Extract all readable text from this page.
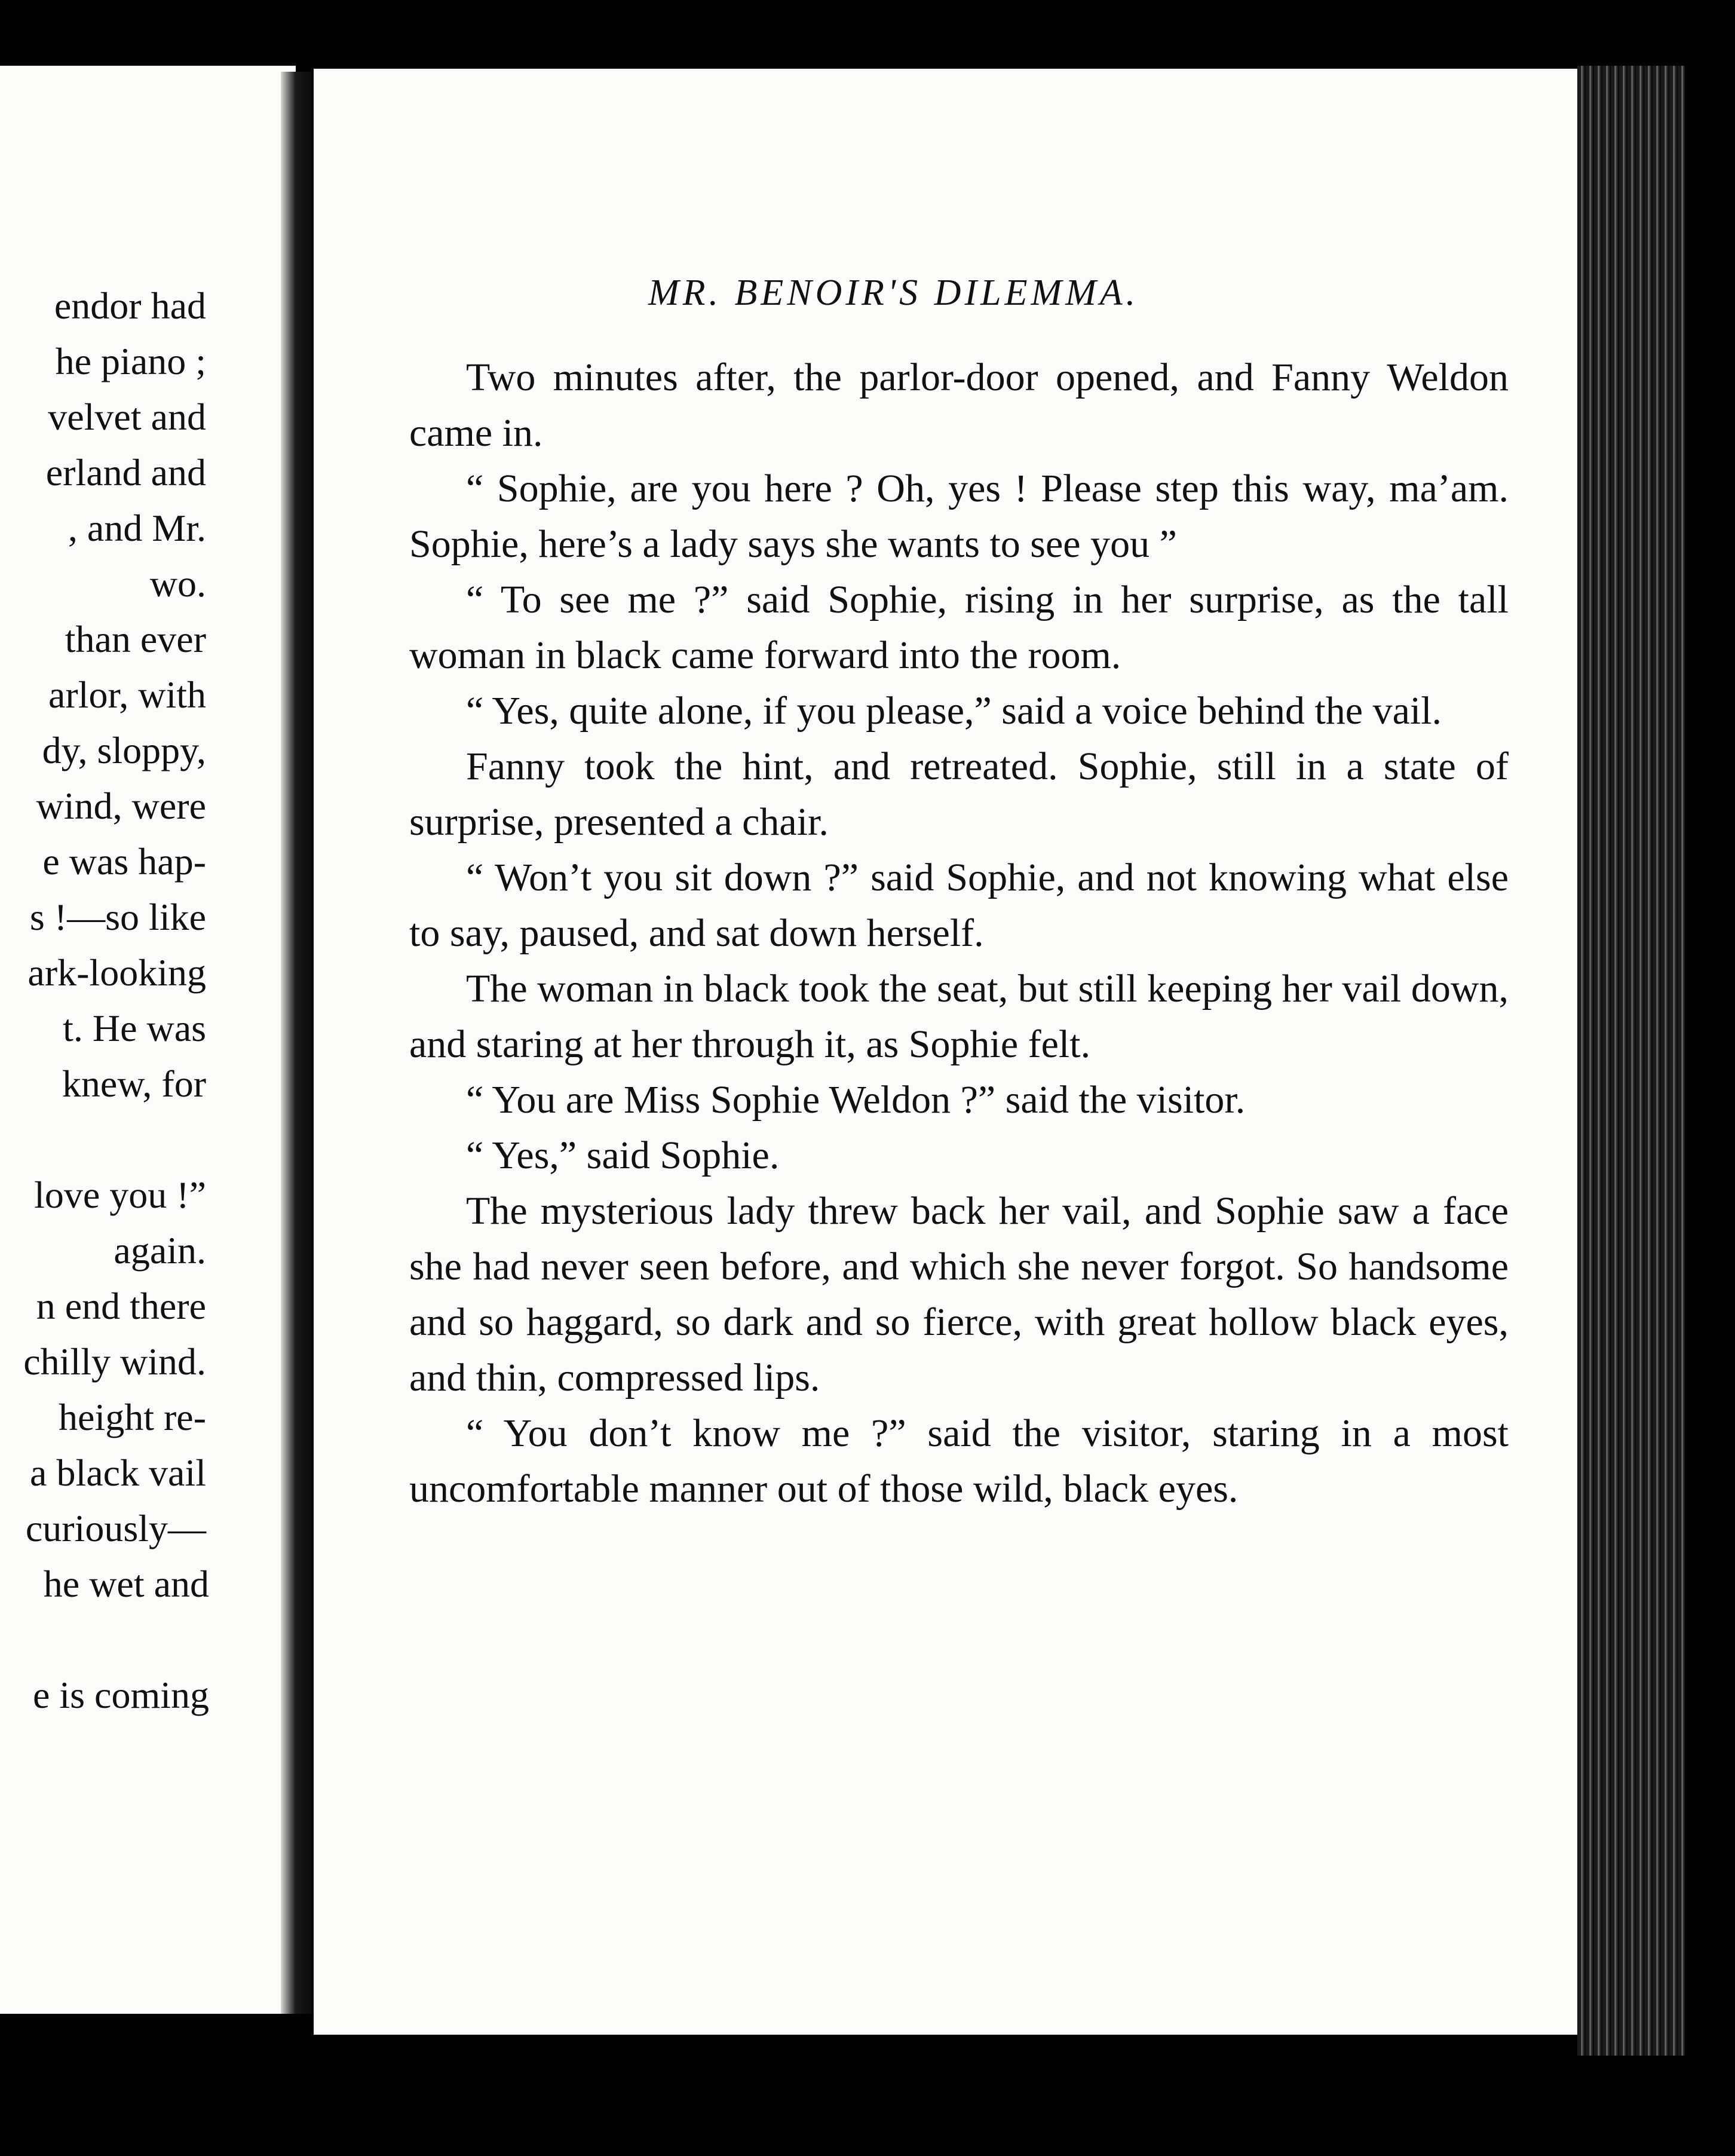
endor had
he piano ;
velvet and
erland and
, and Mr.
wo.
than ever
arlor, with
dy, sloppy,
wind, were
e was hap-
s !—so like
ark-looking
t. He was
knew, for
love you !”
again.
n end there
chilly wind.
height re-
a black vail
curiously—
he wet and
e is coming
MR. BENOIR'S DILEMMA.

Two minutes after, the parlor-door opened, and Fanny Weldon came in.

“ Sophie, are you here ? Oh, yes ! Please step this way, ma’am. Sophie, here’s a lady says she wants to see you ”

“ To see me ?” said Sophie, rising in her surprise, as the tall woman in black came forward into the room.

“ Yes, quite alone, if you please,” said a voice behind the vail.

Fanny took the hint, and retreated. Sophie, still in a state of surprise, presented a chair.

“ Won’t you sit down ?” said Sophie, and not knowing what else to say, paused, and sat down herself.

The woman in black took the seat, but still keeping her vail down, and staring at her through it, as Sophie felt.

“ You are Miss Sophie Weldon ?” said the visitor.

“ Yes,” said Sophie.

The mysterious lady threw back her vail, and Sophie saw a face she had never seen before, and which she never forgot. So handsome and so haggard, so dark and so fierce, with great hollow black eyes, and thin, compressed lips.

“ You don’t know me ?” said the visitor, staring in a most uncomfortable manner out of those wild, black eyes.
